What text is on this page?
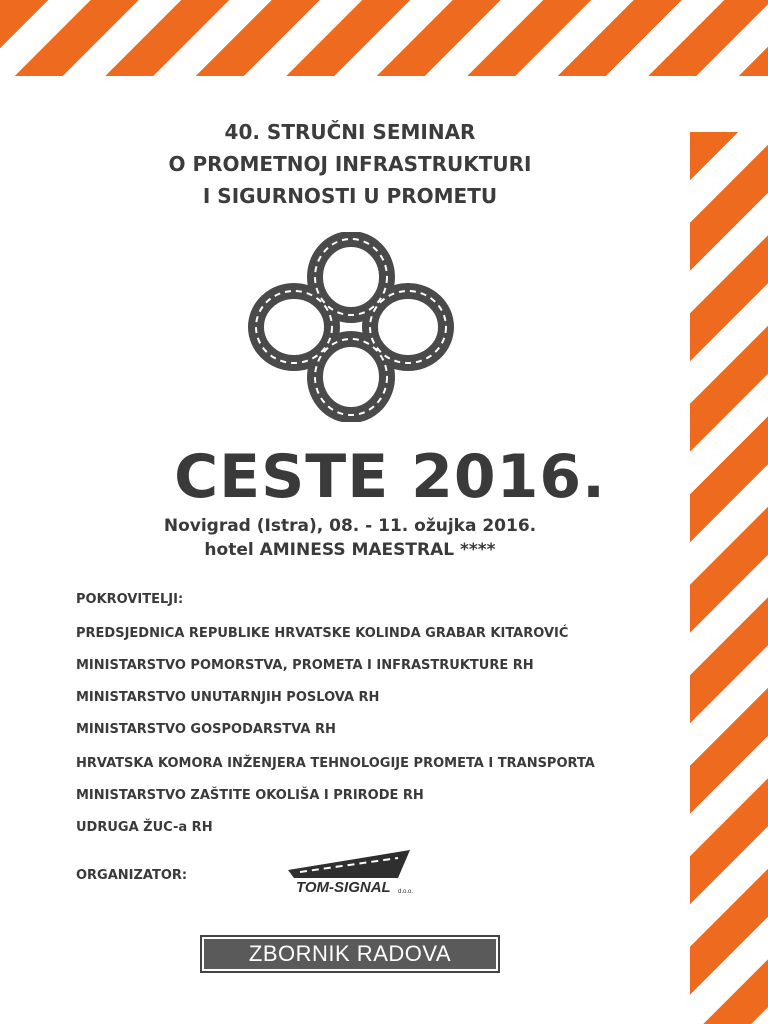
40. STRUČNI SEMINAR
O PROMETNOJ INFRASTRUKTURI
I SIGURNOSTI U PROMETU
CESTE 2016.
Novigrad (Istra), 08. - 11. ožujka 2016.
hotel AMINESS MAESTRAL ****
POKROVITELJI:
PREDSJEDNICA REPUBLIKE HRVATSKE KOLINDA GRABAR KITAROVIĆ
MINISTARSTVO POMORSTVA, PROMETA I INFRASTRUKTURE RH
MINISTARSTVO UNUTARNJIH POSLOVA RH
MINISTARSTVO GOSPODARSTVA RH
HRVATSKA KOMORA INŽENJERA TEHNOLOGIJE PROMETA I TRANSPORTA
MINISTARSTVO ZAŠTITE OKOLIŠA I PRIRODE RH
UDRUGA ŽUC-a RH
ORGANIZATOR:
TOM-SIGNAL d.o.o.
ZBORNIK RADOVA
